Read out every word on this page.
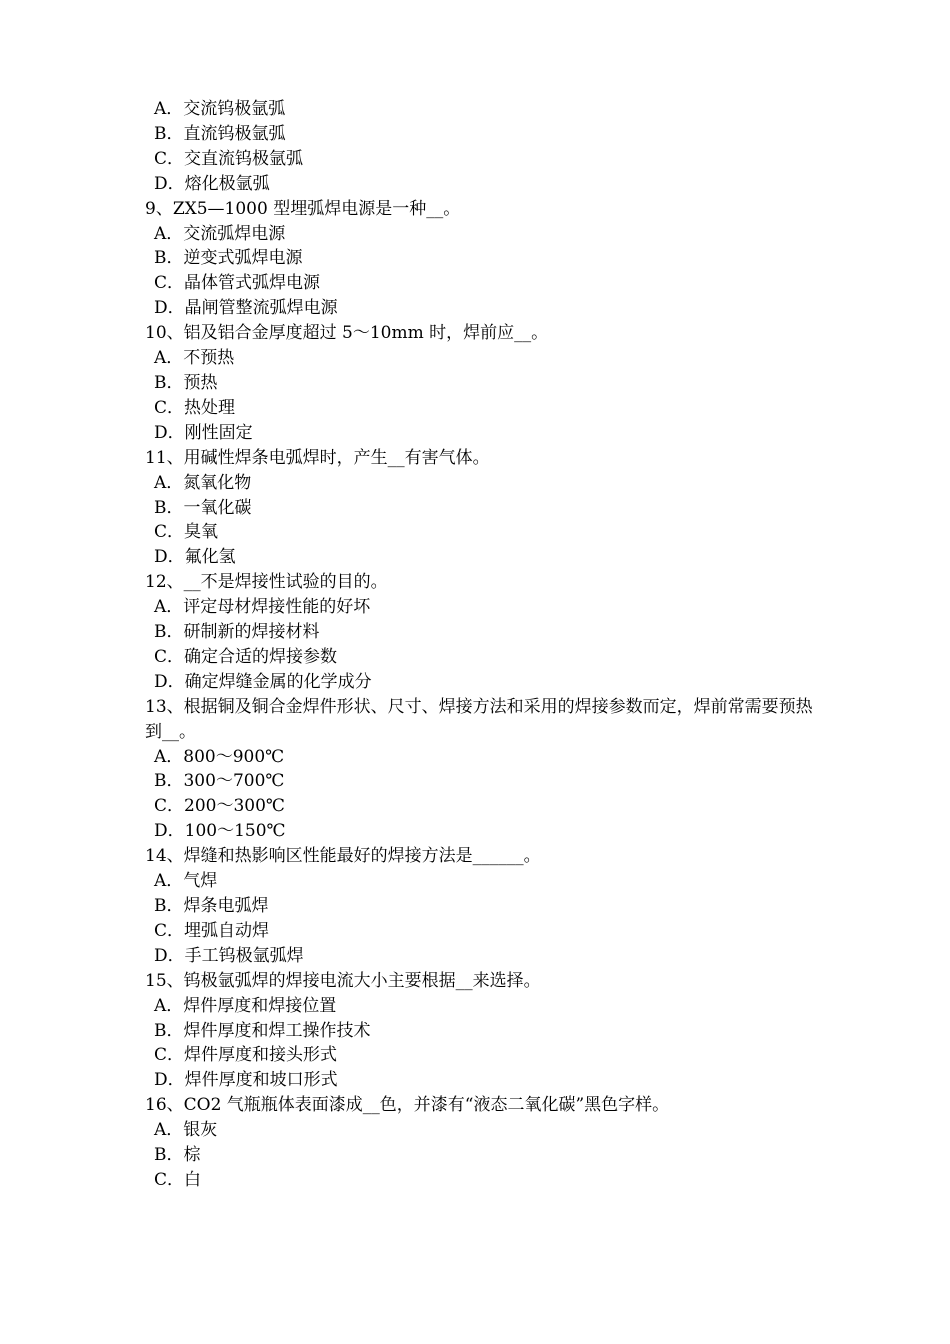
A．交流钨极氩弧
B．直流钨极氩弧
C．交直流钨极氩弧
D．熔化极氩弧
9、ZX5—1000 型埋弧焊电源是一种__。
A．交流弧焊电源
B．逆变式弧焊电源
C．晶体管式弧焊电源
D．晶闸管整流弧焊电源
10、铝及铝合金厚度超过 5～10mm 时，焊前应__。
A．不预热
B．预热
C．热处理
D．刚性固定
11、用碱性焊条电弧焊时，产生__有害气体。
A．氮氧化物
B．一氧化碳
C．臭氧
D．氟化氢
12、__不是焊接性试验的目的。
A．评定母材焊接性能的好坏
B．研制新的焊接材料
C．确定合适的焊接参数
D．确定焊缝金属的化学成分
13、根据铜及铜合金焊件形状、尺寸、焊接方法和采用的焊接参数而定，焊前常需要预热到__。
A．800～900℃
B．300～700℃
C．200～300℃
D．100～150℃
14、焊缝和热影响区性能最好的焊接方法是______。
A．气焊
B．焊条电弧焊
C．埋弧自动焊
D．手工钨极氩弧焊
15、钨极氩弧焊的焊接电流大小主要根据__来选择。
A．焊件厚度和焊接位置
B．焊件厚度和焊工操作技术
C．焊件厚度和接头形式
D．焊件厚度和坡口形式
16、CO2 气瓶瓶体表面漆成__色，并漆有“液态二氧化碳”黑色字样。
A．银灰
B．棕
C．白
